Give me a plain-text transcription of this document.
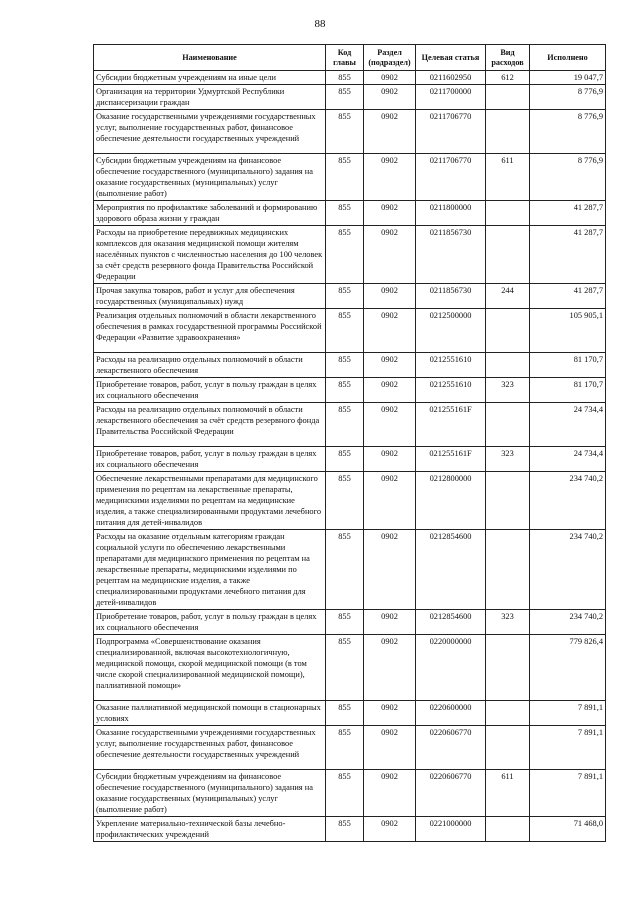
88
Наименование	Код главы	Раздел (подраздел)	Целевая статья	Вид расходов	Исполнено
Субсидии бюджетным учреждениям на иные цели	855	0902	0211602950	612	19 047,7
Организация на территории Удмуртской Республики диспансеризации граждан	855	0902	0211700000		8 776,9
Оказание государственными учреждениями государственных услуг, выполнение государственных работ, финансовое обеспечение деятельности государственных учреждений	855	0902	0211706770		8 776,9
Субсидии бюджетным учреждениям на финансовое обеспечение государственного (муниципального) задания на оказание государственных (муниципальных) услуг (выполнение работ)	855	0902	0211706770	611	8 776,9
Мероприятия по профилактике заболеваний и формированию здорового образа жизни у граждан	855	0902	0211800000		41 287,7
Расходы на приобретение передвижных медицинских комплексов для оказания медицинской помощи жителям населённых пунктов с численностью населения до 100 человек за счёт средств резервного фонда Правительства Российской Федерации	855	0902	0211856730		41 287,7
Прочая закупка товаров, работ и услуг для обеспечения государственных (муниципальных) нужд	855	0902	0211856730	244	41 287,7
Реализация отдельных полномочий в области лекарственного обеспечения в рамках государственной программы Российской Федерации «Развитие здравоохранения»	855	0902	0212500000		105 905,1
Расходы на реализацию отдельных полномочий в области лекарственного обеспечения	855	0902	0212551610		81 170,7
Приобретение товаров, работ, услуг в пользу граждан в целях их социального обеспечения	855	0902	0212551610	323	81 170,7
Расходы на реализацию отдельных полномочий в области лекарственного обеспечения за счёт средств резервного фонда Правительства Российской Федерации	855	0902	021255161F		24 734,4
Приобретение товаров, работ, услуг в пользу граждан в целях их социального обеспечения	855	0902	021255161F	323	24 734,4
Обеспечение лекарственными препаратами для медицинского применения по рецептам на лекарственные препараты, медицинскими изделиями по рецептам на медицинские изделия, а также специализированными продуктами лечебного питания для детей-инвалидов	855	0902	0212800000		234 740,2
Расходы на оказание отдельным категориям граждан социальной услуги по обеспечению лекарственными препаратами для медицинского применения по рецептам на лекарственные препараты, медицинскими изделиями по рецептам на медицинские изделия, а также специализированными продуктами лечебного питания для детей-инвалидов	855	0902	0212854600		234 740,2
Приобретение товаров, работ, услуг в пользу граждан в целях их социального обеспечения	855	0902	0212854600	323	234 740,2
Подпрограмма «Совершенствование оказания специализированной, включая высокотехнологичную, медицинской помощи, скорой медицинской помощи (в том числе скорой специализированной медицинской помощи), паллиативной помощи»	855	0902	0220000000		779 826,4
Оказание паллиативной медицинской помощи в стационарных условиях	855	0902	0220600000		7 891,1
Оказание государственными учреждениями государственных услуг, выполнение государственных работ, финансовое обеспечение деятельности государственных учреждений	855	0902	0220606770		7 891,1
Субсидии бюджетным учреждениям на финансовое обеспечение государственного (муниципального) задания на оказание государственных (муниципальных) услуг (выполнение работ)	855	0902	0220606770	611	7 891,1
Укрепление материально-технической базы лечебно-профилактических учреждений	855	0902	0221000000		71 468,0
